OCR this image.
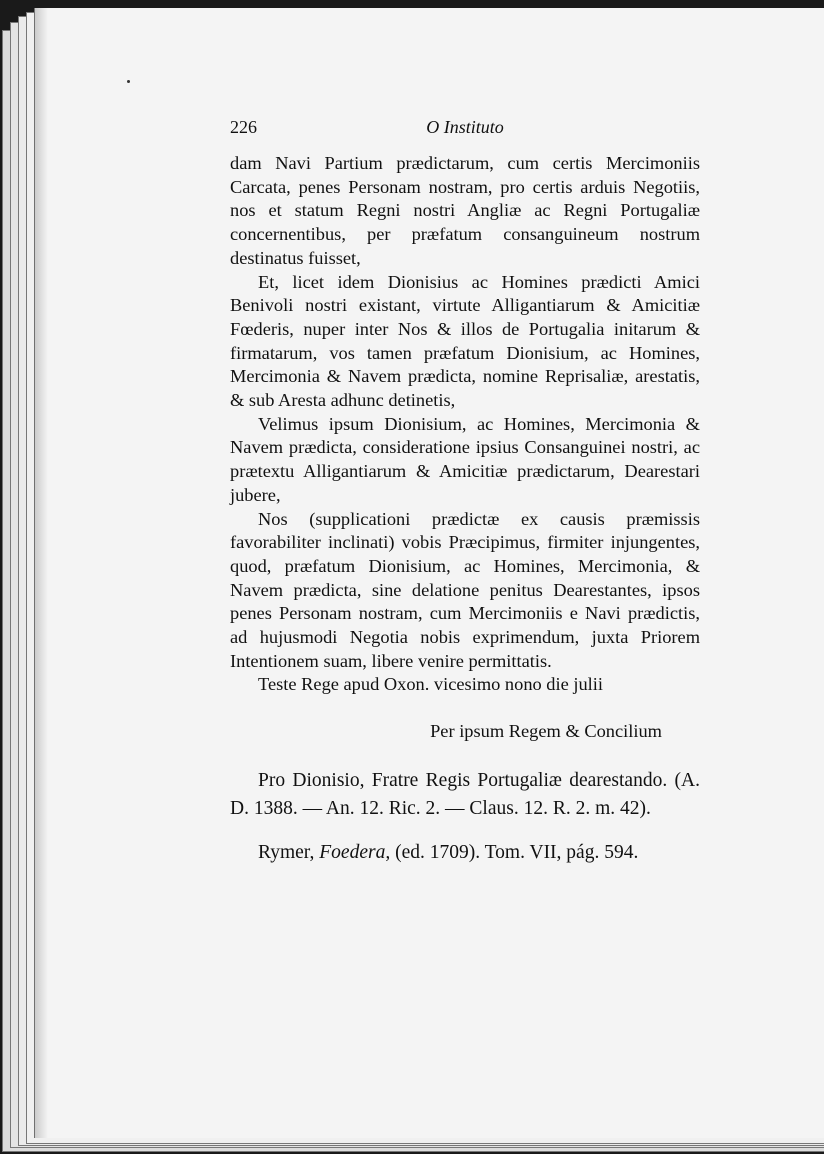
226	O Instituto

dam Navi Partium prædictarum, cum certis Mercimoniis Carcata, penes Personam nostram, pro certis arduis Negotiis, nos et statum Regni nostri Angliæ ac Regni Portugaliæ concernentibus, per præfatum consanguineum nostrum destinatus fuisset,

Et, licet idem Dionisius ac Homines prædicti Amici Benivoli nostri existant, virtute Alligantiarum & Amicitiæ Fœderis, nuper inter Nos & illos de Portugalia initarum & firmatarum, vos tamen præfatum Dionisium, ac Homines, Mercimonia & Navem prædicta, nomine Reprisaliæ, arestatis, & sub Aresta adhunc detinetis,

Velimus ipsum Dionisium, ac Homines, Mercimonia & Navem prædicta, consideratione ipsius Consanguinei nostri, ac prætextu Alligantiarum & Amicitiæ prædictarum, Dearestari jubere,

Nos (supplicationi prædictæ ex causis præmissis favorabiliter inclinati) vobis Præcipimus, firmiter injungentes, quod, præfatum Dionisium, ac Homines, Mercimonia, & Navem prædicta, sine delatione penitus Dearestantes, ipsos penes Personam nostram, cum Mercimoniis e Navi prædictis, ad hujusmodi Negotia nobis exprimendum, juxta Priorem Intentionem suam, libere venire permittatis.

Teste Rege apud Oxon. vicesimo nono die julii

Per ipsum Regem & Concilium

Pro Dionisio, Fratre Regis Portugaliæ dearestando. (A. D. 1388. — An. 12. Ric. 2. — Claus. 12. R. 2. m. 42).

Rymer, Foedera, (ed. 1709). Tom. VII, pág. 594.
